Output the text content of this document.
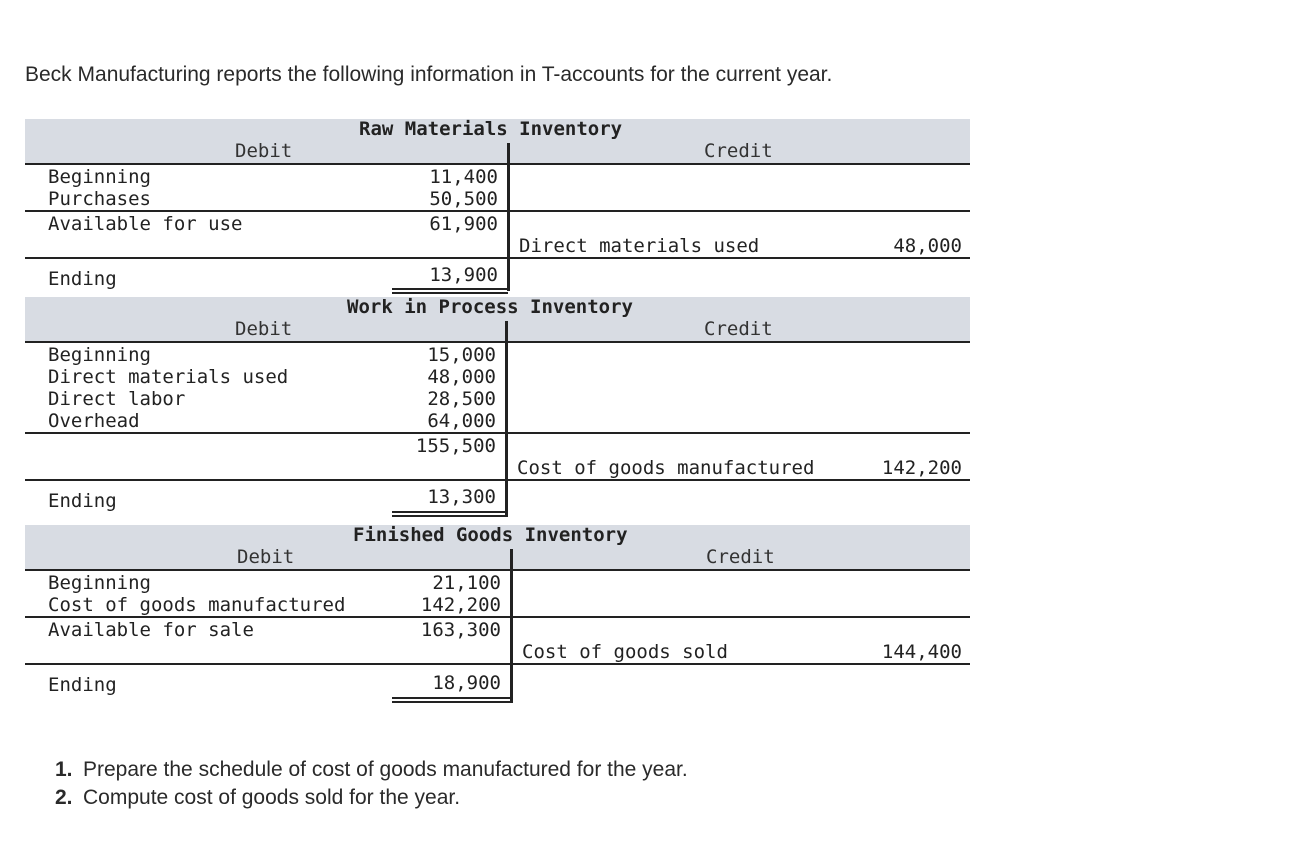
Beck Manufacturing reports the following information in T-accounts for the current year.
Raw Materials Inventory
Debit	Credit
Beginning	11,400
Purchases	50,500
Available for use	61,900
Direct materials used	48,000
Ending	13,900
Work in Process Inventory
Debit	Credit
Beginning	15,000
Direct materials used	48,000
Direct labor	28,500
Overhead	64,000
155,500
Cost of goods manufactured	142,200
Ending	13,300
Finished Goods Inventory
Debit	Credit
Beginning	21,100
Cost of goods manufactured	142,200
Available for sale	163,300
Cost of goods sold	144,400
Ending	18,900
1. Prepare the schedule of cost of goods manufactured for the year.
2. Compute cost of goods sold for the year.
